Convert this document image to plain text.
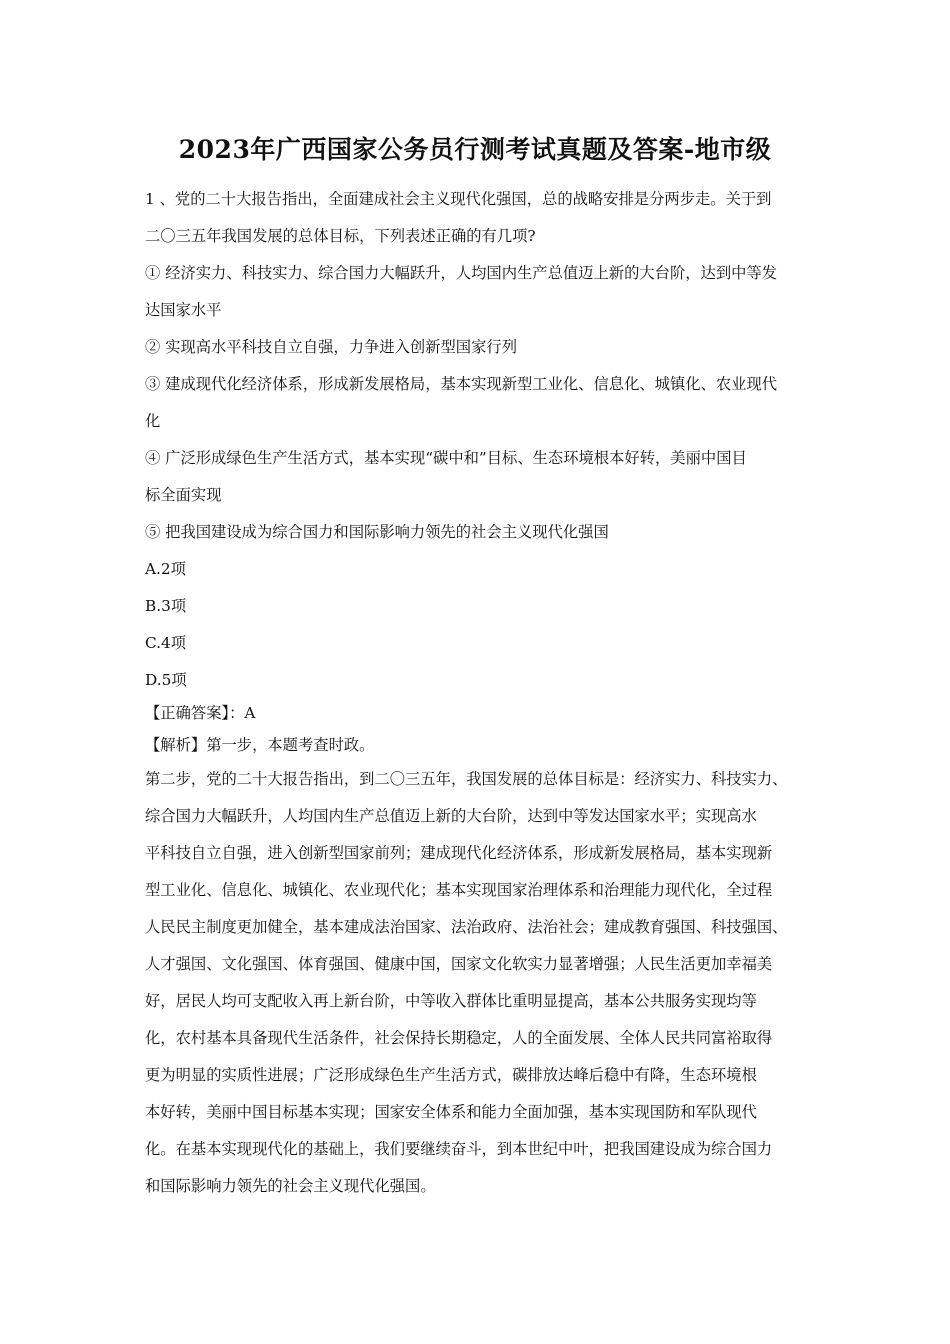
2023年广西国家公务员行测考试真题及答案-地市级
1 、党的二十大报告指出，全面建成社会主义现代化强国，总的战略安排是分两步走。关于到
二〇三五年我国发展的总体目标，下列表述正确的有几项?
① 经济实力、科技实力、综合国力大幅跃升，人均国内生产总值迈上新的大台阶，达到中等发
达国家水平
② 实现高水平科技自立自强，力争进入创新型国家行列
③ 建成现代化经济体系，形成新发展格局，基本实现新型工业化、信息化、城镇化、农业现代
化
④ 广泛形成绿色生产生活方式，基本实现“碳中和”目标、生态环境根本好转，美丽中国目
标全面实现
⑤ 把我国建设成为综合国力和国际影响力领先的社会主义现代化强国
A.2项
B.3项
C.4项
D.5项
【正确答案】：A
【解析】第一步，本题考查时政。
第二步，党的二十大报告指出，到二〇三五年，我国发展的总体目标是：经济实力、科技实力、
综合国力大幅跃升，人均国内生产总值迈上新的大台阶，达到中等发达国家水平；实现高水
平科技自立自强，进入创新型国家前列；建成现代化经济体系，形成新发展格局，基本实现新
型工业化、信息化、城镇化、农业现代化；基本实现国家治理体系和治理能力现代化，全过程
人民民主制度更加健全，基本建成法治国家、法治政府、法治社会；建成教育强国、科技强国、
人才强国、文化强国、体育强国、健康中国，国家文化软实力显著增强；人民生活更加幸福美
好，居民人均可支配收入再上新台阶，中等收入群体比重明显提高，基本公共服务实现均等
化，农村基本具备现代生活条件，社会保持长期稳定，人的全面发展、全体人民共同富裕取得
更为明显的实质性进展；广泛形成绿色生产生活方式，碳排放达峰后稳中有降，生态环境根
本好转，美丽中国目标基本实现；国家安全体系和能力全面加强，基本实现国防和军队现代
化。在基本实现现代化的基础上，我们要继续奋斗，到本世纪中叶，把我国建设成为综合国力
和国际影响力领先的社会主义现代化强国。
